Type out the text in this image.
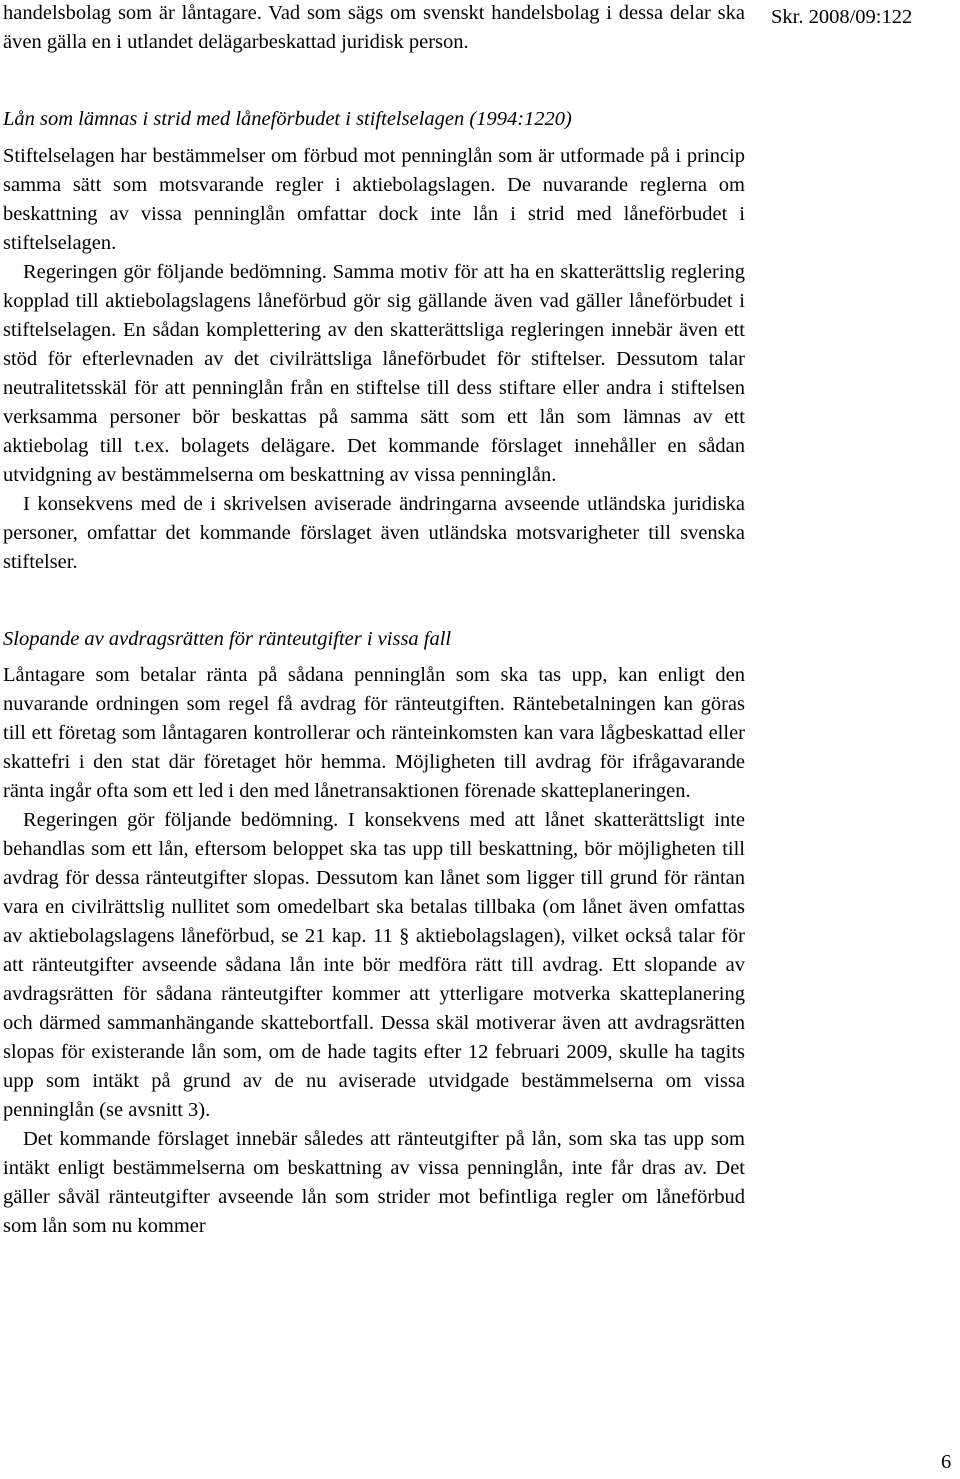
Skr. 2008/09:122

handelsbolag som är låntagare. Vad som sägs om svenskt handelsbolag i dessa delar ska även gälla en i utlandet delägarbeskattad juridisk person.

Lån som lämnas i strid med låneförbudet i stiftelselagen (1994:1220)

Stiftelselagen har bestämmelser om förbud mot penninglån som är utformade på i princip samma sätt som motsvarande regler i aktiebolagslagen. De nuvarande reglerna om beskattning av vissa penninglån omfattar dock inte lån i strid med låneförbudet i stiftelselagen.

Regeringen gör följande bedömning. Samma motiv för att ha en skatterättslig reglering kopplad till aktiebolagslagens låneförbud gör sig gällande även vad gäller låneförbudet i stiftelselagen. En sådan komplettering av den skatterättsliga regleringen innebär även ett stöd för efterlevnaden av det civilrättsliga låneförbudet för stiftelser. Dessutom talar neutralitetsskäl för att penninglån från en stiftelse till dess stiftare eller andra i stiftelsen verksamma personer bör beskattas på samma sätt som ett lån som lämnas av ett aktiebolag till t.ex. bolagets delägare. Det kommande förslaget innehåller en sådan utvidgning av bestämmelserna om beskattning av vissa penninglån.

I konsekvens med de i skrivelsen aviserade ändringarna avseende utländska juridiska personer, omfattar det kommande förslaget även utländska motsvarigheter till svenska stiftelser.

Slopande av avdragsrätten för ränteutgifter i vissa fall

Låntagare som betalar ränta på sådana penninglån som ska tas upp, kan enligt den nuvarande ordningen som regel få avdrag för ränteutgiften. Räntebetalningen kan göras till ett företag som låntagaren kontrollerar och ränteinkomsten kan vara lågbeskattad eller skattefri i den stat där företaget hör hemma. Möjligheten till avdrag för ifrågavarande ränta ingår ofta som ett led i den med lånetransaktionen förenade skatteplaneringen.

Regeringen gör följande bedömning. I konsekvens med att lånet skatterättsligt inte behandlas som ett lån, eftersom beloppet ska tas upp till beskattning, bör möjligheten till avdrag för dessa ränteutgifter slopas. Dessutom kan lånet som ligger till grund för räntan vara en civilrättslig nullitet som omedelbart ska betalas tillbaka (om lånet även omfattas av aktiebolagslagens låneförbud, se 21 kap. 11 § aktiebolagslagen), vilket också talar för att ränteutgifter avseende sådana lån inte bör medföra rätt till avdrag. Ett slopande av avdragsrätten för sådana ränteutgifter kommer att ytterligare motverka skatteplanering och därmed sammanhängande skattebortfall. Dessa skäl motiverar även att avdragsrätten slopas för existerande lån som, om de hade tagits efter 12 februari 2009, skulle ha tagits upp som intäkt på grund av de nu aviserade utvidgade bestämmelserna om vissa penninglån (se avsnitt 3).

Det kommande förslaget innebär således att ränteutgifter på lån, som ska tas upp som intäkt enligt bestämmelserna om beskattning av vissa penninglån, inte får dras av. Det gäller såväl ränteutgifter avseende lån som strider mot befintliga regler om låneförbud som lån som nu kommer

6
